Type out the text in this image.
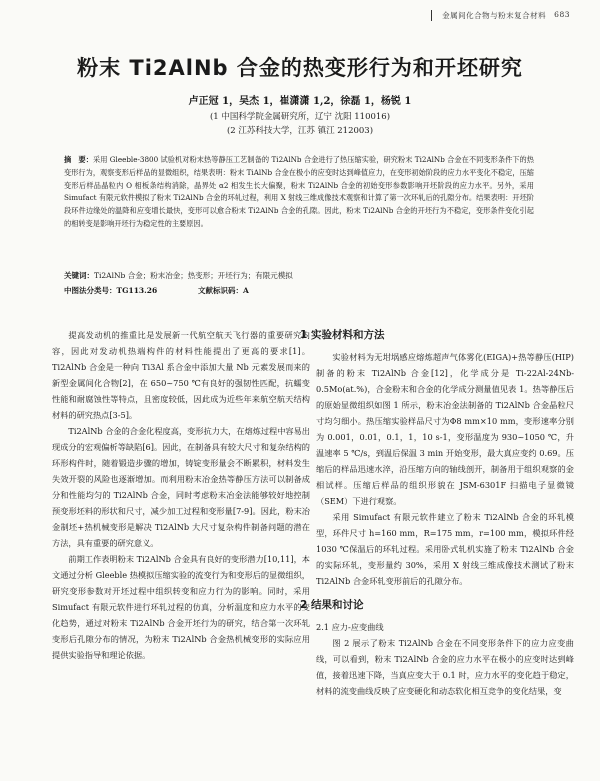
金属间化合物与粉末复合材料 683
粉末 Ti2AlNb 合金的热变形行为和开坯研究
卢正冠 1，吴杰 1，崔潇潇 1,2，徐磊 1，杨锐 1
(1 中国科学院金属研究所，辽宁 沈阳 110016)
(2 江苏科技大学，江苏 镇江 212003)
摘　要：采用 Gleeble-3800 试验机对粉末热等静压工艺制备的 Ti2AlNb 合金进行了热压缩实验，研究粉末 Ti2AlNb 合金在不同变形条件下的热变形行为，观察变形后样品的显微组织，结果表明：粉末 TiAlNb 合金在极小的应变时达到峰值应力，在变形初始阶段的应力水平变化不稳定，压缩变形后样品晶粒内 O 相板条结构消除，晶界处 α2 相发生长大偏聚，粉末 Ti2AlNb 合金的初始变形参数影响开坯阶段的应力水平。另外，采用 Simufact 有限元软件模拟了粉末 Ti2AlNb 合金的环轧过程，利用 X 射线三维成像技术观察和计算了第一次环轧后的孔隙分布。结果表明：开坯阶段环件边缘处的温降和应变增长最快，变形可以愈合粉末 Ti2AlNb 合金的孔隙。因此，粉末 Ti2AlNb 合金的开坯行为不稳定，变形条件变化引起的相转变是影响开坯行为稳定性的主要原因。
关键词：Ti2AlNb 合金；粉末冶金；热变形；开坯行为；有限元模拟
中图法分类号：TG113.26	文献标识码：A

提高发动机的推重比是发展新一代航空航天飞行器的重要研究内容，因此对发动机热端构件的材料性能提出了更高的要求[1]。Ti2AlNb 合金是一种向 Ti3Al 系合金中添加大量 Nb 元素发展而来的新型金属间化合物[2]，在 650~750 ℃有良好的强韧性匹配，抗蠕变性能和耐腐蚀性等特点，且密度较低，因此成为近些年来航空航天结构材料的研究热点[3-5]。

Ti2AlNb 合金的合金化程度高，变形抗力大，在熔炼过程中容易出现成分的宏观偏析等缺陷[6]。因此，在制备具有较大尺寸和复杂结构的环形构件时，随着锻造步骤的增加，铸锭变形量会不断累积，材料发生失效开裂的风险也逐渐增加。而利用粉末冶金热等静压方法可以制备成分和性能均匀的 Ti2AlNb 合金，同时考虑粉末冶金法能够较好地控制预变形坯料的形状和尺寸，减少加工过程和变形量[7-9]。因此，粉末冶金制坯+热机械变形是解决 Ti2AlNb 大尺寸复杂构件制备问题的潜在方法，具有重要的研究意义。

前期工作表明粉末 Ti2AlNb 合金具有良好的变形潜力[10,11]，本文通过分析 Gleeble 热模拟压缩实验的流变行为和变形后的显微组织，研究变形参数对开坯过程中组织转变和应力行为的影响。同时，采用 Simufact 有限元软件进行环轧过程的仿真，分析温度和应力水平的变化趋势，通过对粉末 Ti2AlNb 合金开坯行为的研究，结合第一次环轧变形后孔隙分布的情况，为粉末 Ti2AlNb 合金热机械变形的实际应用提供实验指导和理论依据。

1 实验材料和方法

实验材料为无坩埚感应熔炼超声气体雾化(EIGA)+热等静压(HIP)制备的粉末 Ti2AlNb 合金[12]，化学成分是 Ti-22Al-24Nb-0.5Mo(at.%)，合金粉末和合金的化学成分测量值见表 1。热等静压后的原始显微组织如图 1 所示，粉末冶金法制备的 Ti2AlNb 合金晶粒尺寸均匀细小。热压缩实验样品尺寸为Φ8 mm×10 mm，变形速率分别为 0.001，0.01，0.1，1，10 s-1，变形温度为 930~1050 ℃，升温速率 5 ℃/s，到温后保温 3 min 开始变形，最大真应变约 0.69。压缩后的样品迅速水淬，沿压缩方向的轴线剖开，制备用于组织观察的金相试样。压缩后样品的组织形貌在 JSM-6301F 扫描电子显微镜（SEM）下进行观察。

采用 Simufact 有限元软件建立了粉末 Ti2AlNb 合金的环轧模型，环件尺寸 h=160 mm，R=175 mm，r=100 mm，模拟环件经 1030 ℃保温后的环轧过程。采用卧式轧机实施了粉末 Ti2AlNb 合金的实际环轧，变形量约 30%，采用 X 射线三维成像技术测试了粉末 Ti2AlNb 合金环轧变形前后的孔隙分布。

2 结果和讨论

2.1 应力-应变曲线

图 2 展示了粉末 Ti2AlNb 合金在不同变形条件下的应力应变曲线，可以看到，粉末 Ti2AlNb 合金的应力水平在极小的应变时达到峰值，接着迅速下降，当真应变大于 0.1 时，应力水平的变化趋于稳定，材料的流变曲线反映了应变硬化和动态软化相互竞争的变化结果，变
